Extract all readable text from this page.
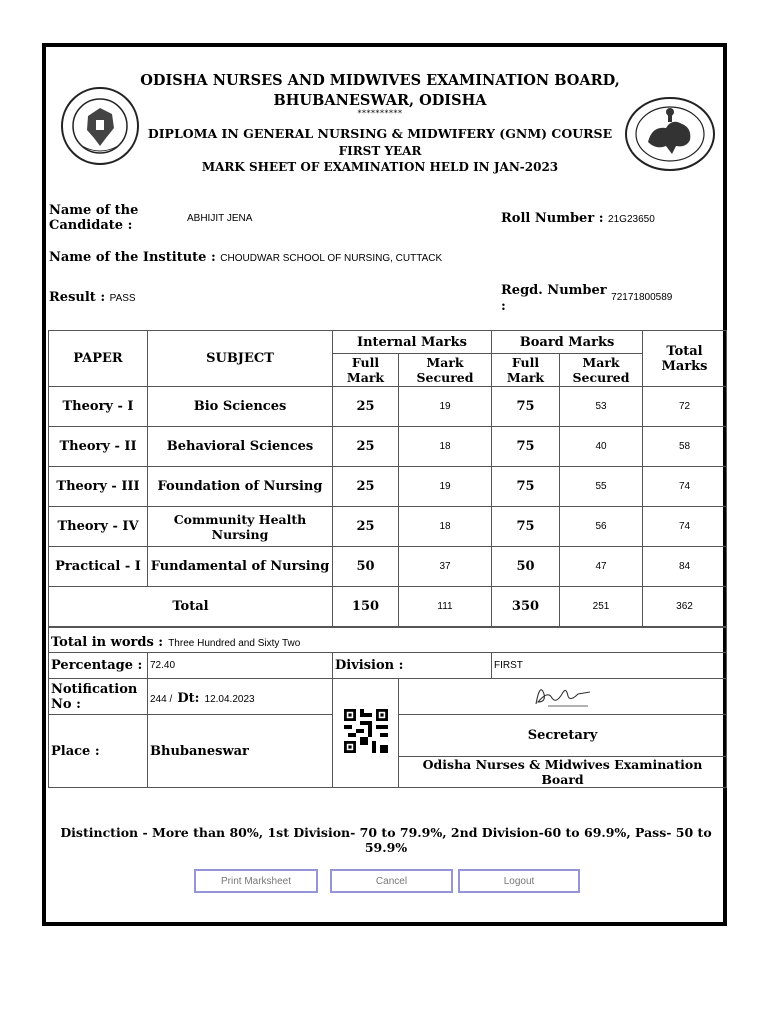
ODISHA NURSES AND MIDWIVES EXAMINATION BOARD,
BHUBANESWAR, ODISHA
**********
DIPLOMA IN GENERAL NURSING & MIDWIFERY (GNM) COURSE
FIRST YEAR
MARK SHEET OF EXAMINATION HELD IN JAN-2023
Name of the
Candidate :	ABHIJIT JENA	Roll Number : 21G23650
Name of the Institute : CHOUDWAR SCHOOL OF NURSING, CUTTACK
Result : PASS
Regd. Number $_{72171800589}$
:
PAPER	SUBJECT	Internal Marks		Board Marks		Total Marks
		Full Mark	Mark Secured	Full Mark	Mark Secured	
Theory - I	Bio Sciences	25	19	75	53	72
Theory - II	Behavioral Sciences	25	18	75	40	58
Theory - III	Foundation of Nursing	25	19	75	55	74
Theory - IV	Community Health Nursing	25	18	75	56	74
Practical - I	Fundamental of Nursing	50	37	50	47	84
Total		150	111	350	251	362
Total in words : Three Hundred and Sixty Two				
Percentage :	72.40	Division :		FIRST
Notification
No :	244 / Dt: 12.04.2023		
Place :	Bhubaneswar		Secretary	
			Odisha Nurses & Midwives Examination Board	
Distinction - More than 80%, 1st Division- 70 to 79.9%, 2nd Division-60 to 69.9%, Pass- 50 to 59.9%
Print Marksheet	Cancel	Logout
